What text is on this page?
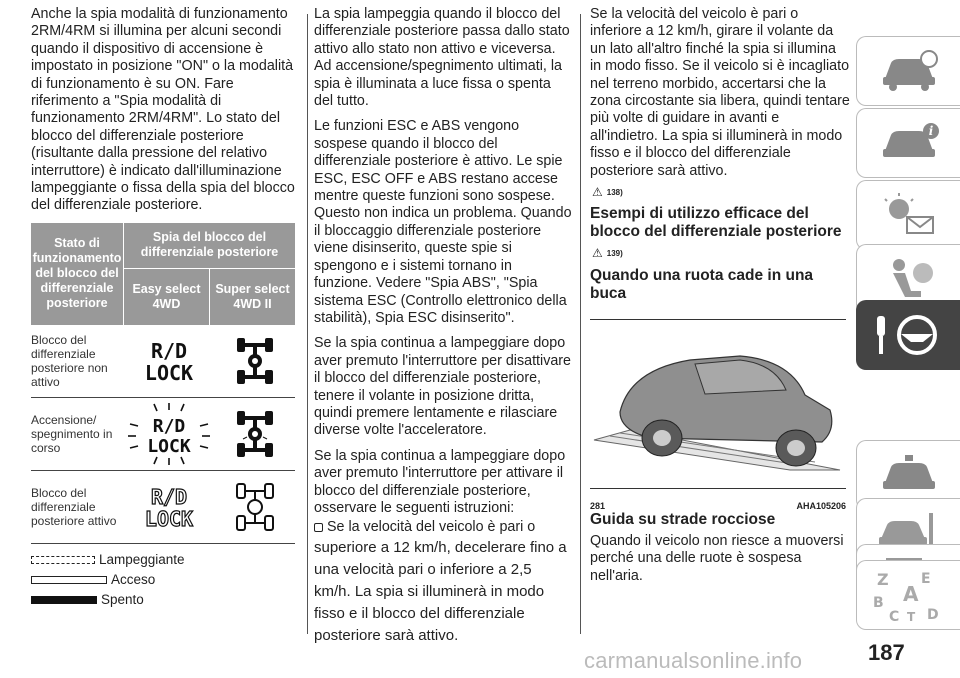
Anche la spia modalità di funzionamento 2RM/4RM si illumina per alcuni secondi quando il dispositivo di accensione è impostato in posizione "ON" o la modalità di funzionamento è su ON. Fare riferimento a "Spia modalità di funzionamento 2RM/4RM". Lo stato del blocco del differenziale posteriore (risultante dalla pressione del relativo interruttore) è indicato dall'illuminazione lampeggiante o fissa della spia del blocco del differenziale posteriore.

Stato di funzionamento del blocco del differenziale posteriore
Spia del blocco del differenziale posteriore
Easy select 4WD
Super select 4WD II
Blocco del differenziale posteriore non attivo
R/D
LOCK
Accensione/ spegnimento in corso
R/D
LOCK
Blocco del differenziale posteriore attivo
R/D
LOCK
Lampeggiante
Acceso
Spento

La spia lampeggia quando il blocco del differenziale posteriore passa dallo stato attivo allo stato non attivo e viceversa. Ad accensione/spegnimento ultimati, la spia è illuminata a luce fissa o spenta del tutto.

Le funzioni ESC e ABS vengono sospese quando il blocco del differenziale posteriore è attivo. Le spie ESC, ESC OFF e ABS restano accese mentre queste funzioni sono sospese. Questo non indica un problema. Quando il bloccaggio differenziale posteriore viene disinserito, queste spie si spengono e i sistemi tornano in funzione. Vedere "Spia ABS", "Spia sistema ESC (Controllo elettronico della stabilità), Spia ESC disinserito".

Se la spia continua a lampeggiare dopo aver premuto l'interruttore per disattivare il blocco del differenziale posteriore, tenere il volante in posizione dritta, quindi premere lentamente e rilasciare diverse volte l'acceleratore.

Se la spia continua a lampeggiare dopo aver premuto l'interruttore per attivare il blocco del differenziale posteriore, osservare le seguenti istruzioni:

Se la velocità del veicolo è pari o
superiore a 12 km/h, decelerare fino a una velocità pari o inferiore a 2,5 km/h. La spia si illuminerà in modo fisso e il blocco del differenziale posteriore sarà attivo.

Se la velocità del veicolo è pari o inferiore a 12 km/h, girare il volante da un lato all'altro finché la spia si illumina in modo fisso. Se il veicolo si è incagliato nel terreno morbido, accertarsi che la zona circostante sia libera, quindi tentare più volte di guidare in avanti e all'indietro. La spia si illuminerà in modo fisso e il blocco del differenziale posteriore sarà attivo.

⚠ 138)
Esempi di utilizzo efficace del blocco del differenziale posteriore
⚠ 139)
Quando una ruota cade in una buca
281	AHA105206
Guida su strade rocciose

Quando il veicolo non riesce a muoversi perché una delle ruote è sospesa nell'aria.

i
Z E
A
B
C T D
187
carmanualsonline.info
